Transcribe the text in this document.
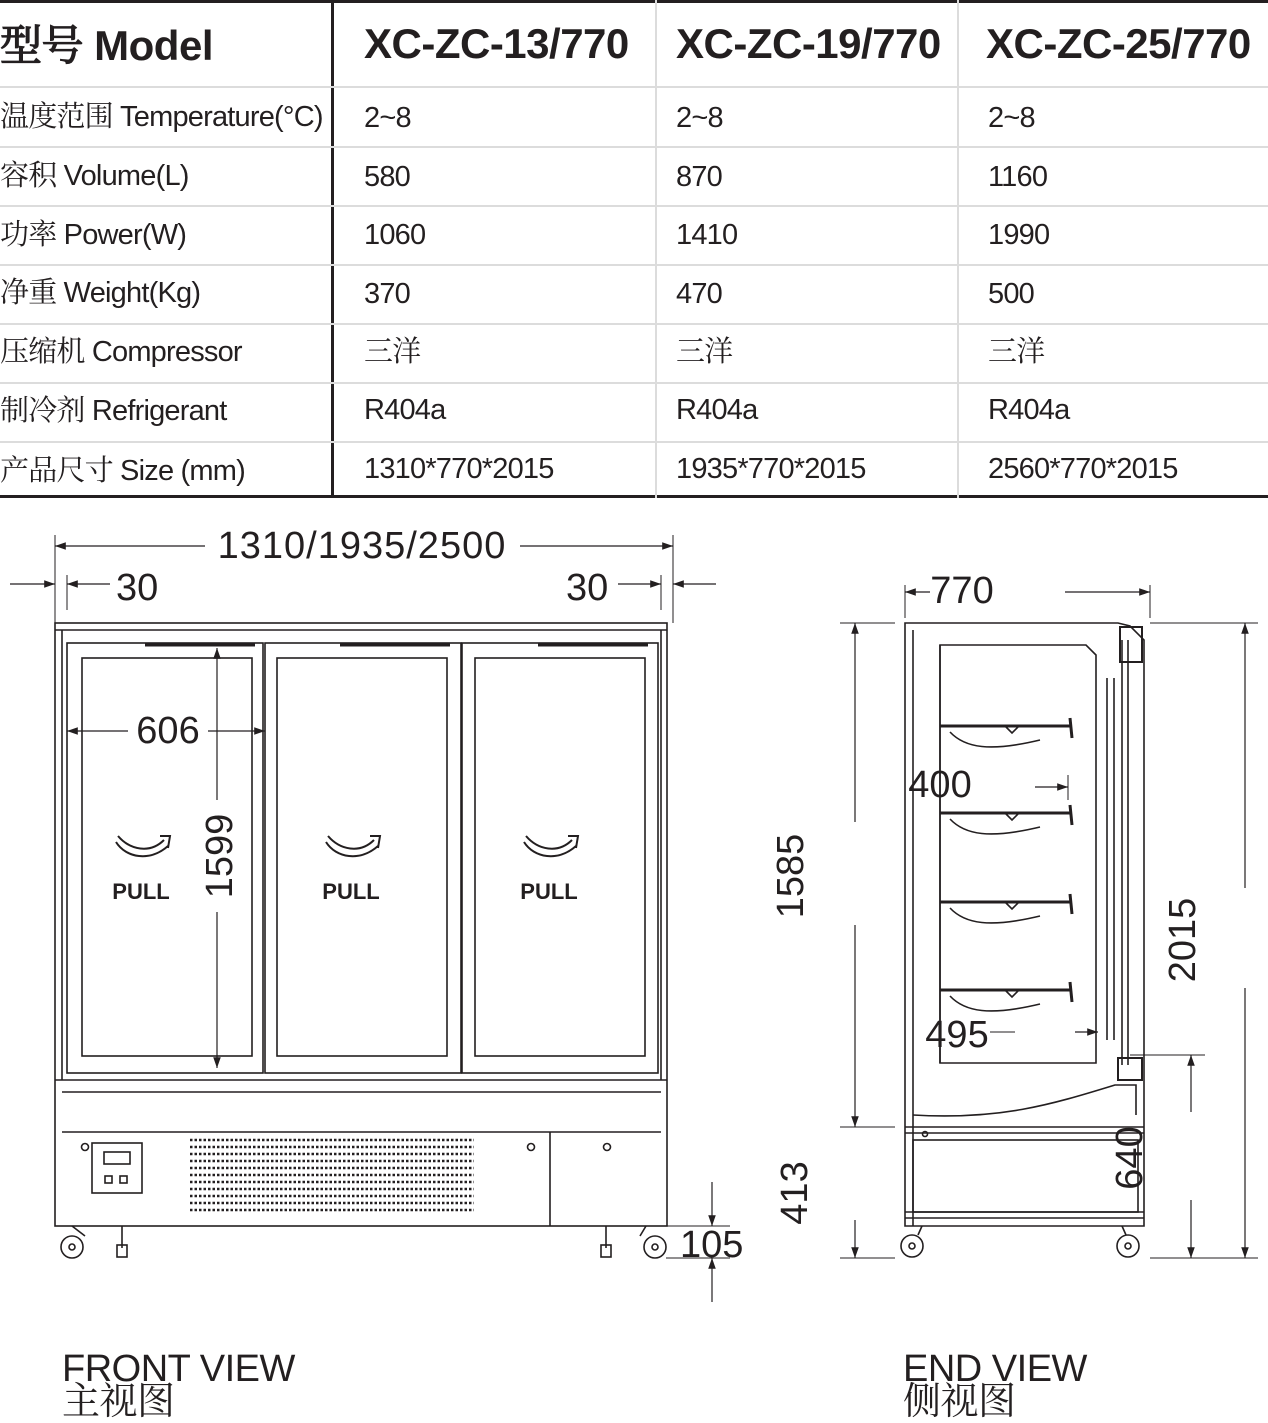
型号 Model	XC-ZC-13/770 XC-ZC-19/770 XC-ZC-25/770
温度范围 Temperature(°C) 2~8	2~8	2~8
容积 Volume(L)	580	870	1160
功率 Power(W)	1060	1410	1990
净重 Weight(Kg)	370	470	500
压缩机 Compressor	三洋	三洋	三洋
制冷剂 Refrigerant	R404a	R404a	R404a
产品尺寸 Size (mm)	1310*770*2015	1935*770*2015	2560*770*2015
1310/1935/2500
30	30
606
1599
105
PULL	PULL	PULL
770
1585
413
2015
400
495
640
FRONT VIEW
主视图
END VIEW
侧视图
